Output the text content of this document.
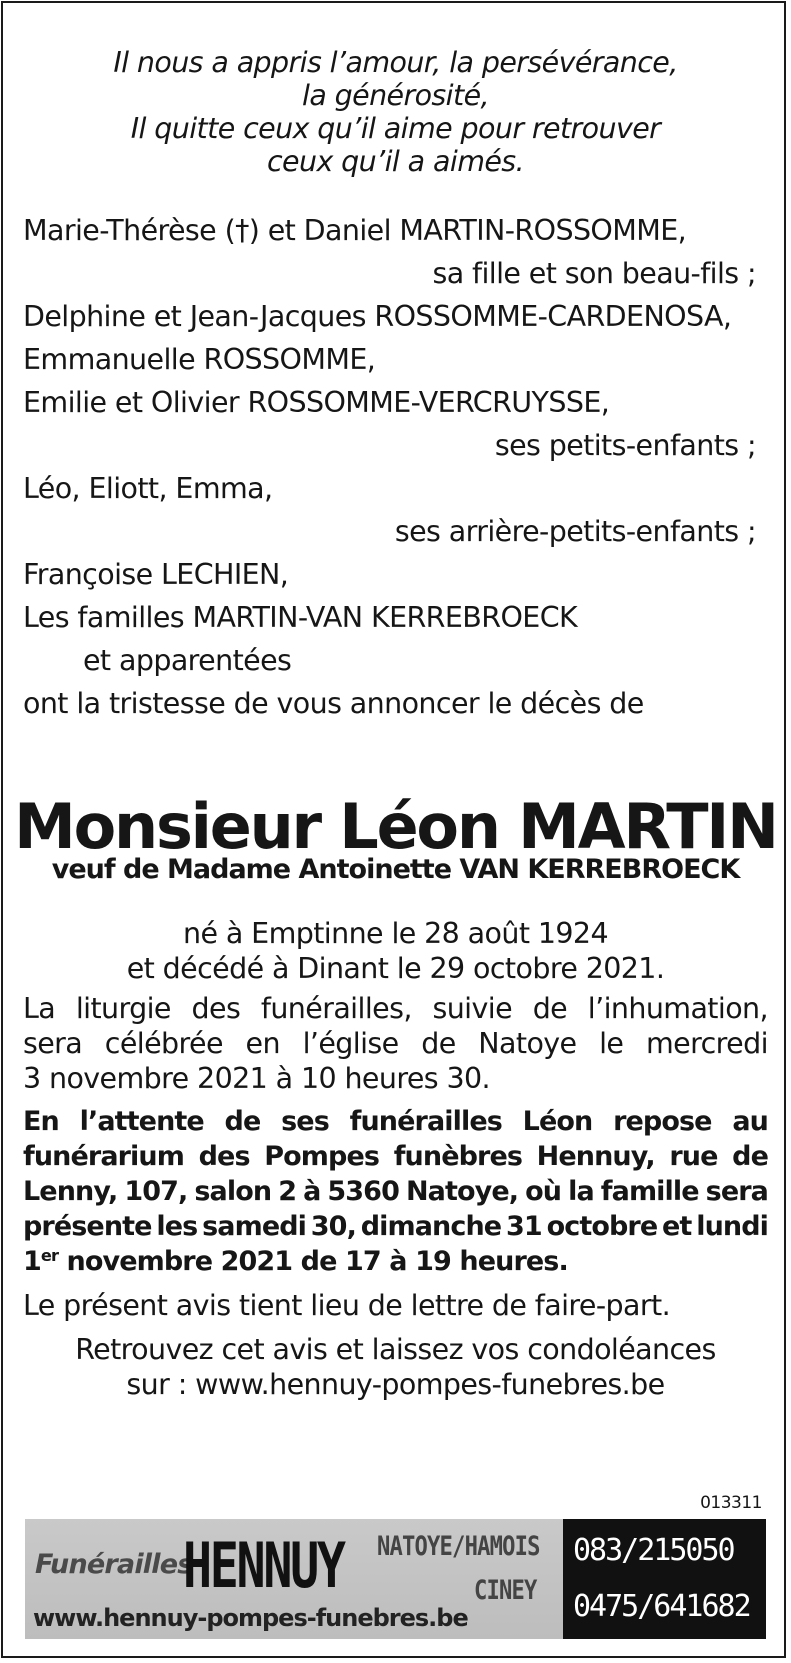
Il nous a appris l’amour, la persévérance,
la générosité,
Il quitte ceux qu’il aime pour retrouver
ceux qu’il a aimés.
Marie-Thérèse (†) et Daniel MARTIN-ROSSOMME,
sa fille et son beau-fils ;
Delphine et Jean-Jacques ROSSOMME-CARDENOSA,
Emmanuelle ROSSOMME,
Emilie et Olivier ROSSOMME-VERCRUYSSE,
ses petits-enfants ;
Léo, Eliott, Emma,
ses arrière-petits-enfants ;
Françoise LECHIEN,
Les familles MARTIN-VAN KERREBROECK
et apparentées
ont la tristesse de vous annoncer le décès de
Monsieur Léon MARTIN
veuf de Madame Antoinette VAN KERREBROECK
né à Emptinne le 28 août 1924
et décédé à Dinant le 29 octobre 2021.
La liturgie des funérailles, suivie de l’inhumation,
sera célébrée en l’église de Natoye le mercredi
3 novembre 2021 à 10 heures 30.
En l’attente de ses funérailles Léon repose au
funérarium des Pompes funèbres Hennuy, rue de
Lenny, 107, salon 2 à 5360 Natoye, où la famille sera
présente les samedi 30, dimanche 31 octobre et lundi
1er novembre 2021 de 17 à 19 heures.
Le présent avis tient lieu de lettre de faire-part.
Retrouvez cet avis et laissez vos condoléances
sur : www.hennuy-pompes-funebres.be
013311
Funérailles
HENNUY NATOYE/HAMOIS
CINEY
www.hennuy-pompes-funebres.be
083/215050
0475/641682
